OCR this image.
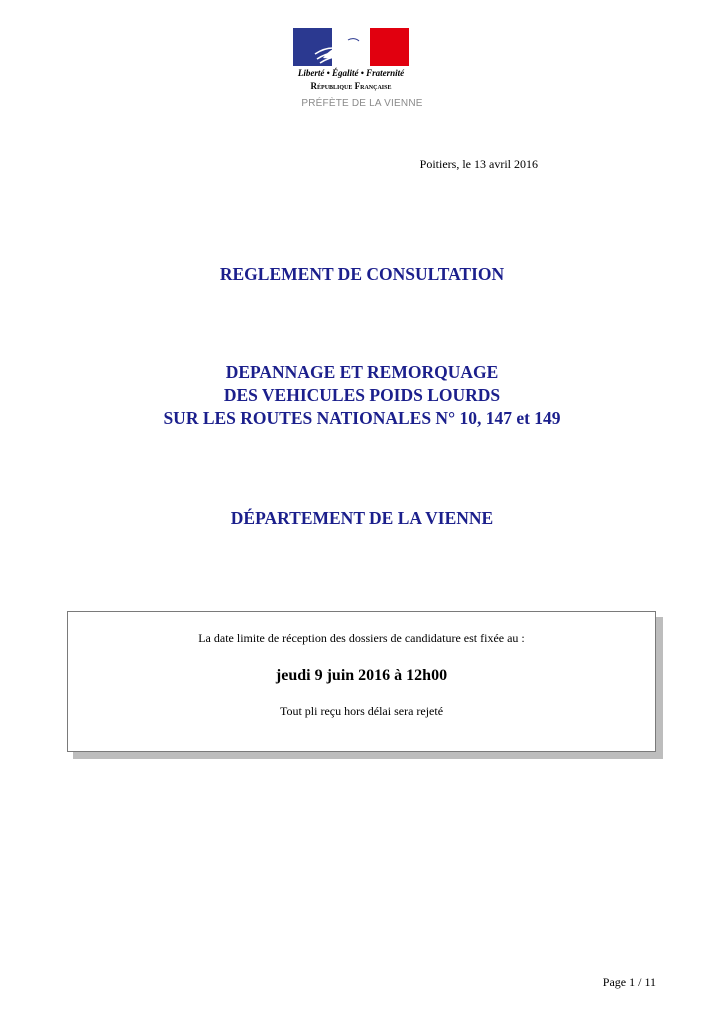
Liberté • Égalité • Fraternité
République Française
PRÉFÈTE DE LA VIENNE
Poitiers, le 13 avril 2016
REGLEMENT DE CONSULTATION
DEPANNAGE ET REMORQUAGE
DES VEHICULES POIDS LOURDS
SUR LES ROUTES NATIONALES N° 10, 147 et 149
DÉPARTEMENT DE LA VIENNE
La date limite de réception des dossiers de candidature est fixée au :
jeudi 9 juin 2016 à 12h00
Tout pli reçu hors délai sera rejeté
Page 1 / 11
